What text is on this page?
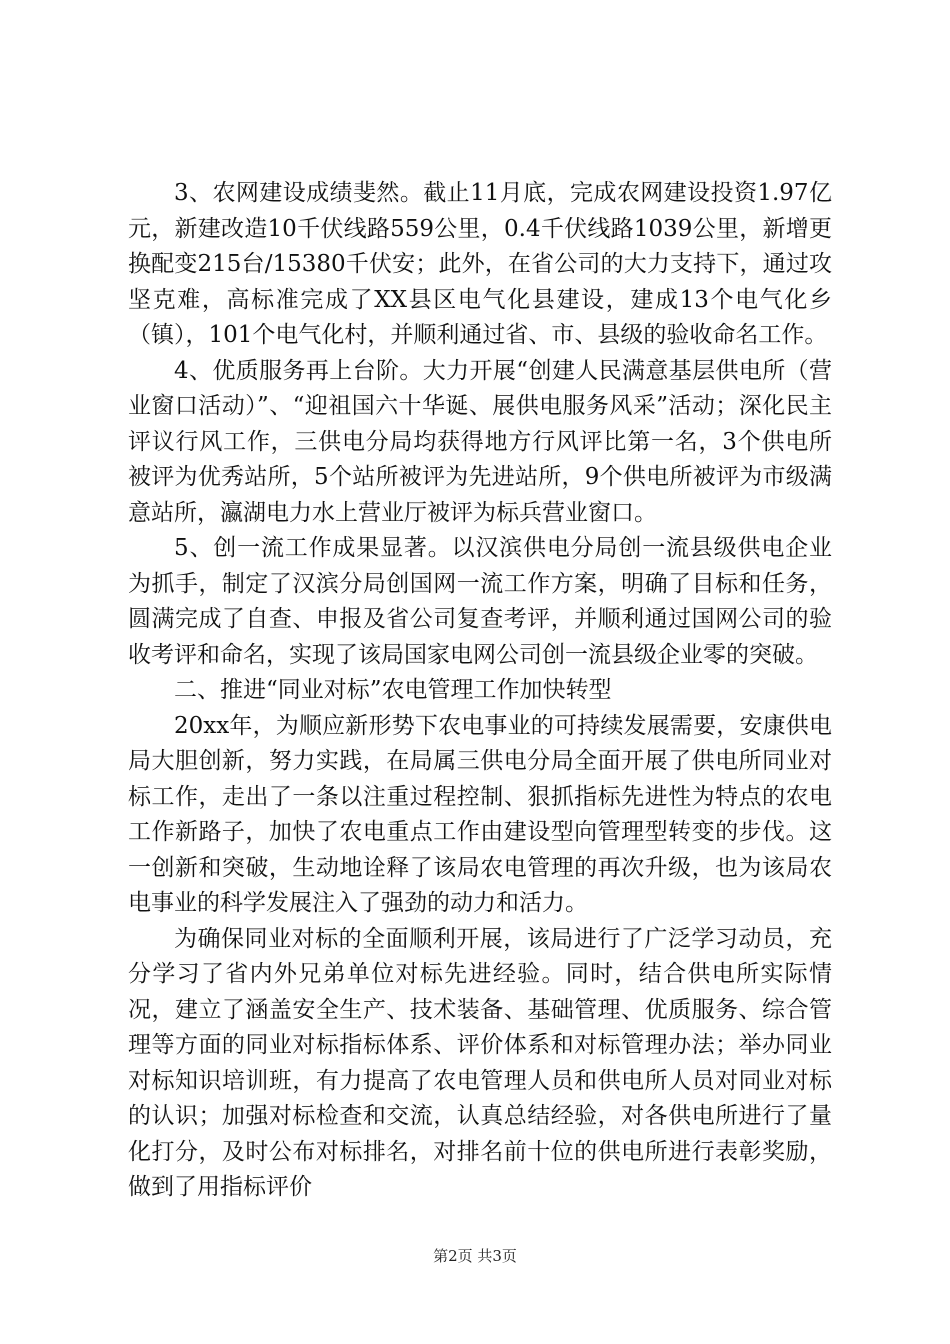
3、农网建设成绩斐然。截止11月底，完成农网建设投资1.97亿元，新建改造10千伏线路559公里，0.4千伏线路1039公里，新增更换配变215台/15380千伏安；此外，在省公司的大力支持下，通过攻坚克难，高标准完成了XX县区电气化县建设，建成13个电气化乡（镇），101个电气化村，并顺利通过省、市、县级的验收命名工作。

4、优质服务再上台阶。大力开展“创建人民满意基层供电所（营业窗口活动）”、“迎祖国六十华诞、展供电服务风采”活动；深化民主评议行风工作，三供电分局均获得地方行风评比第一名，3个供电所被评为优秀站所，5个站所被评为先进站所，9个供电所被评为市级满意站所，瀛湖电力水上营业厅被评为标兵营业窗口。

5、创一流工作成果显著。以汉滨供电分局创一流县级供电企业为抓手，制定了汉滨分局创国网一流工作方案，明确了目标和任务，圆满完成了自查、申报及省公司复查考评，并顺利通过国网公司的验收考评和命名，实现了该局国家电网公司创一流县级企业零的突破。

二、推进“同业对标”农电管理工作加快转型

20xx年，为顺应新形势下农电事业的可持续发展需要，安康供电局大胆创新，努力实践，在局属三供电分局全面开展了供电所同业对标工作，走出了一条以注重过程控制、狠抓指标先进性为特点的农电工作新路子，加快了农电重点工作由建设型向管理型转变的步伐。这一创新和突破，生动地诠释了该局农电管理的再次升级，也为该局农电事业的科学发展注入了强劲的动力和活力。

为确保同业对标的全面顺利开展，该局进行了广泛学习动员，充分学习了省内外兄弟单位对标先进经验。同时，结合供电所实际情况，建立了涵盖安全生产、技术装备、基础管理、优质服务、综合管理等方面的同业对标指标体系、评价体系和对标管理办法；举办同业对标知识培训班，有力提高了农电管理人员和供电所人员对同业对标的认识；加强对标检查和交流，认真总结经验，对各供电所进行了量化打分，及时公布对标排名，对排名前十位的供电所进行表彰奖励，做到了用指标评价

第2页 共3页
